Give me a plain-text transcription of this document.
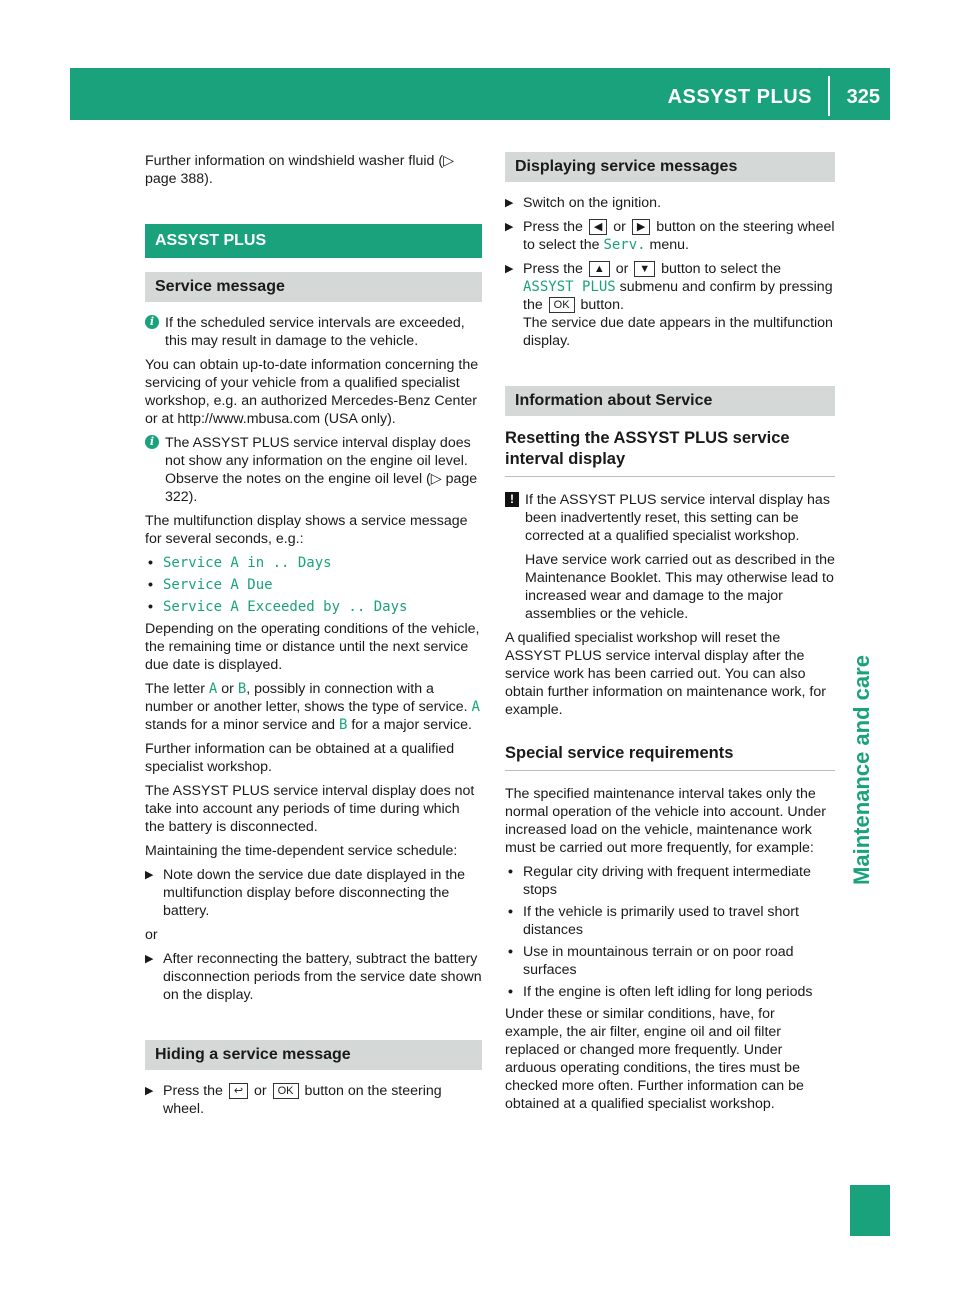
ASSYST PLUS 325
Maintenance and care

Further information on windshield washer fluid (▷ page 388).

ASSYST PLUS
Service message

i If the scheduled service intervals are exceeded, this may result in damage to the vehicle.

You can obtain up-to-date information concerning the servicing of your vehicle from a qualified specialist workshop, e.g. an authorized Mercedes-Benz Center or at http://www.mbusa.com (USA only).

i The ASSYST PLUS service interval display does not show any information on the engine oil level. Observe the notes on the engine oil level (▷ page 322).

The multifunction display shows a service message for several seconds, e.g.:

• Service A in .. Days
• Service A Due
• Service A Exceeded by .. Days

Depending on the operating conditions of the vehicle, the remaining time or distance until the next service due date is displayed.

The letter A or B, possibly in connection with a number or another letter, shows the type of service. A stands for a minor service and B for a major service.

Further information can be obtained at a qualified specialist workshop.

The ASSYST PLUS service interval display does not take into account any periods of time during which the battery is disconnected.

Maintaining the time-dependent service schedule:

▶ Note down the service due date displayed in the multifunction display before disconnecting the battery.

or

▶ After reconnecting the battery, subtract the battery disconnection periods from the service date shown on the display.

Hiding a service message

▶ Press the ↩ or OK button on the steering wheel.

Displaying service messages

▶ Switch on the ignition.

▶ Press the ◀ or ▶ button on the steering wheel to select the Serv. menu.

▶ Press the ▲ or ▼ button to select the ASSYST PLUS submenu and confirm by pressing the OK button.
The service due date appears in the multifunction display.

Information about Service
Resetting the ASSYST PLUS service interval display

! If the ASSYST PLUS service interval display has been inadvertently reset, this setting can be corrected at a qualified specialist workshop.

Have service work carried out as described in the Maintenance Booklet. This may otherwise lead to increased wear and damage to the major assemblies or the vehicle.

A qualified specialist workshop will reset the ASSYST PLUS service interval display after the service work has been carried out. You can also obtain further information on maintenance work, for example.

Special service requirements

The specified maintenance interval takes only the normal operation of the vehicle into account. Under increased load on the vehicle, maintenance work must be carried out more frequently, for example:

• Regular city driving with frequent intermediate stops
• If the vehicle is primarily used to travel short distances
• Use in mountainous terrain or on poor road surfaces
• If the engine is often left idling for long periods

Under these or similar conditions, have, for example, the air filter, engine oil and oil filter replaced or changed more frequently. Under arduous operating conditions, the tires must be checked more often. Further information can be obtained at a qualified specialist workshop.
